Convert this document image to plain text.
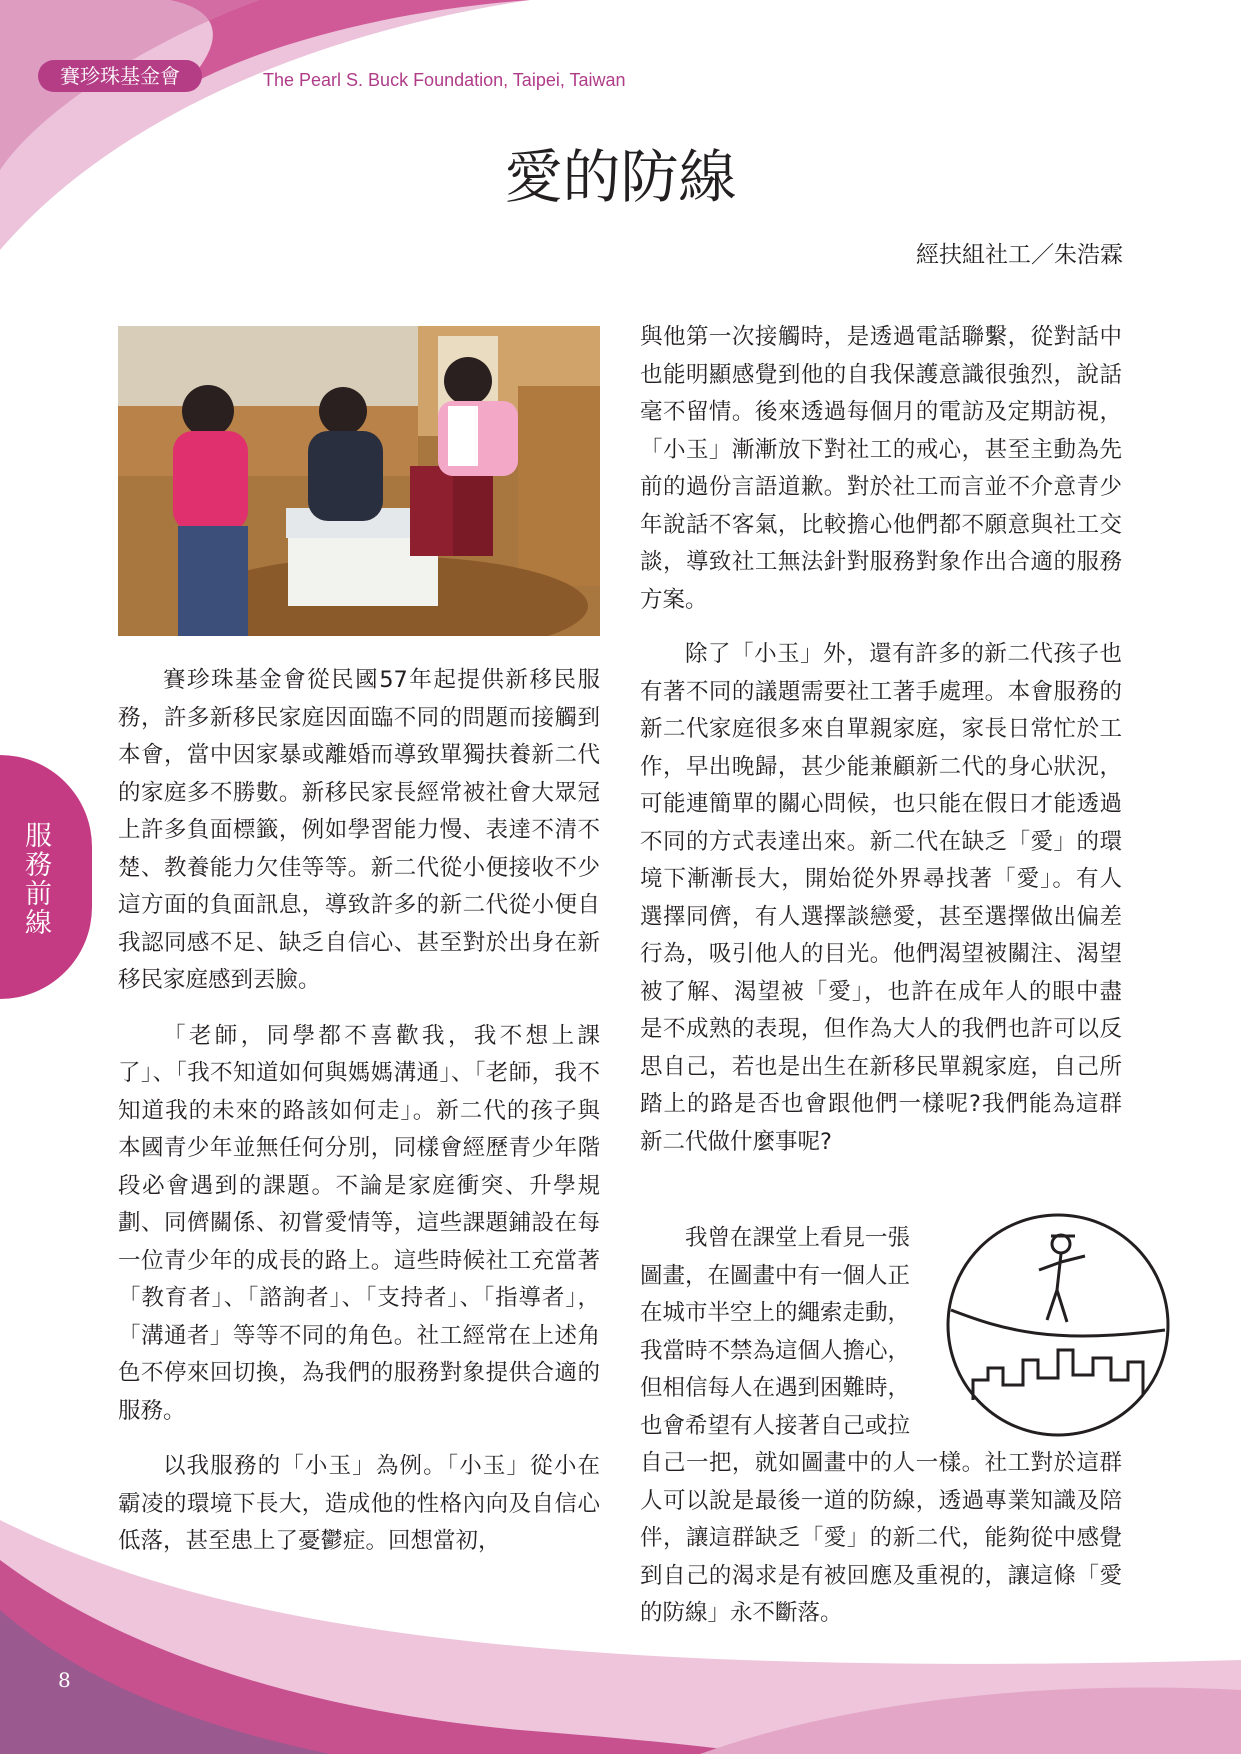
賽珍珠基金會	The Pearl S. Buck Foundation, Taipei, Taiwan
愛的防線
經扶組社工／朱浩霖
服務前線

賽珍珠基金會從民國57年起提供新移民服務，許多新移民家庭因面臨不同的問題而接觸到本會，當中因家暴或離婚而導致單獨扶養新二代的家庭多不勝數。新移民家長經常被社會大眾冠上許多負面標籤，例如學習能力慢、表達不清不楚、教養能力欠佳等等。新二代從小便接收不少這方面的負面訊息，導致許多的新二代從小便自我認同感不足、缺乏自信心、甚至對於出身在新移民家庭感到丟臉。

「老師，同學都不喜歡我，我不想上課了」、「我不知道如何與媽媽溝通」、「老師，我不知道我的未來的路該如何走」。新二代的孩子與本國青少年並無任何分別，同樣會經歷青少年階段必會遇到的課題。不論是家庭衝突、升學規劃、同儕關係、初嘗愛情等，這些課題鋪設在每一位青少年的成長的路上。這些時候社工充當著「教育者」、「諮詢者」、「支持者」、「指導者」，「溝通者」等等不同的角色。社工經常在上述角色不停來回切換，為我們的服務對象提供合適的服務。

以我服務的「小玉」為例。「小玉」從小在霸凌的環境下長大，造成他的性格內向及自信心低落，甚至患上了憂鬱症。回想當初，

與他第一次接觸時，是透過電話聯繫，從對話中也能明顯感覺到他的自我保護意識很強烈，說話毫不留情。後來透過每個月的電訪及定期訪視，「小玉」漸漸放下對社工的戒心，甚至主動為先前的過份言語道歉。對於社工而言並不介意青少年說話不客氣，比較擔心他們都不願意與社工交談，導致社工無法針對服務對象作出合適的服務方案。

除了「小玉」外，還有許多的新二代孩子也有著不同的議題需要社工著手處理。本會服務的新二代家庭很多來自單親家庭，家長日常忙於工作，早出晚歸，甚少能兼顧新二代的身心狀況，可能連簡單的關心問候，也只能在假日才能透過不同的方式表達出來。新二代在缺乏「愛」的環境下漸漸長大，開始從外界尋找著「愛」。有人選擇同儕，有人選擇談戀愛，甚至選擇做出偏差行為，吸引他人的目光。他們渴望被關注、渴望被了解、渴望被「愛」，也許在成年人的眼中盡是不成熟的表現，但作為大人的我們也許可以反思自己，若也是出生在新移民單親家庭，自己所踏上的路是否也會跟他們一樣呢?我們能為這群新二代做什麼事呢?

我曾在課堂上看見一張
圖畫，在圖畫中有一個人正
在城市半空上的繩索走動，
我當時不禁為這個人擔心，
但相信每人在遇到困難時，
也會希望有人接著自己或拉
自己一把，就如圖畫中的人一樣。社工對於這群人可以說是最後一道的防線，透過專業知識及陪伴，讓這群缺乏「愛」的新二代，能夠從中感覺到自己的渴求是有被回應及重視的，讓這條「愛的防線」永不斷落。
8
